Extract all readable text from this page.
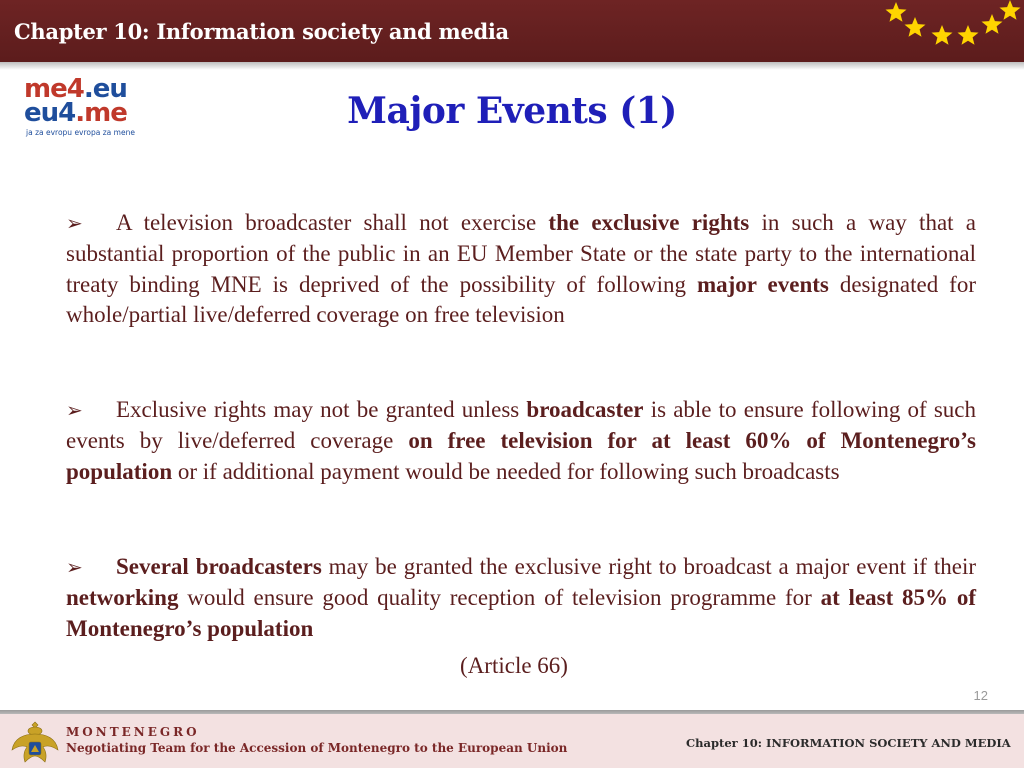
Chapter 10: Information society and media
me4.eu
eu4.me
ja za evropu evropa za mene
Major Events (1)
➢ A television broadcaster shall not exercise the exclusive rights in such a way that a substantial proportion of the public in an EU Member State or the state party to the international treaty binding MNE is deprived of the possibility of following major events designated for whole/partial live/deferred coverage on free television
➢ Exclusive rights may not be granted unless broadcaster is able to ensure following of such events by live/deferred coverage on free television for at least 60% of Montenegro’s population or if additional payment would be needed for following such broadcasts
➢ Several broadcasters may be granted the exclusive right to broadcast a major event if their networking would ensure good quality reception of television programme for at least 85% of Montenegro’s population
(Article 66)
12
MONTENEGRO
Negotiating Team for the Accession of Montenegro to the European Union	Chapter 10: INFORMATION SOCIETY AND MEDIA
